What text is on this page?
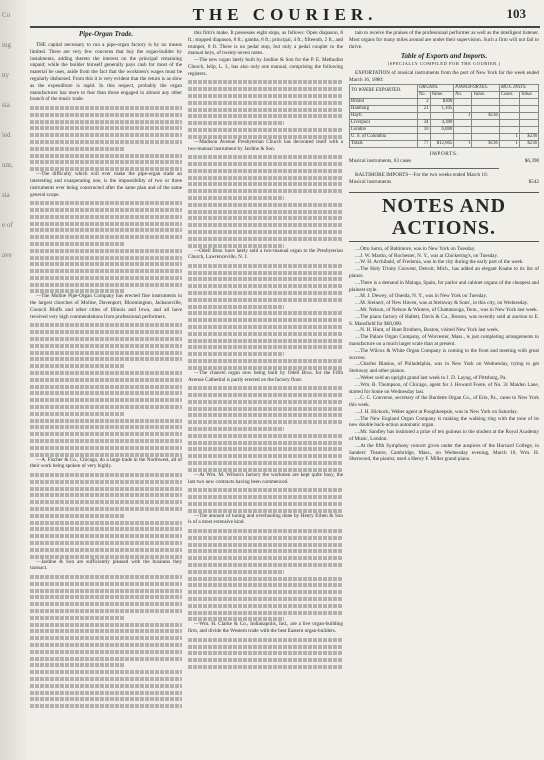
Co
ing
ny
sia
ied
um,
sia
e of
ave
THE COURIER.	103
Pipe-Organ Trade.

THE capital necessary to run a pipe-organ factory is by no means limited. There are very few concerns that buy the organ-builder by instalments, adding thereto the interest on the principal remaining unpaid; while the builder himself generally pays cash for most of the material he uses, aside from the fact that the workmen's wages must be regularly disbursed. From this it is very evident that the return is as slow as the expenditure is rapid. In this respect, probably the organ manufacturer has more to fear than those engaged in almost any other branch of the music trade.

—The difficulty which will ever make the pipe-organ trade an interesting and exasperating one, is the impossibility of two or three instruments ever being constructed after the same plan and of the same general scope.

—The Moline Pipe-Organ Company has erected fine instruments in the largest churches of Moline, Davenport, Bloomington, Jacksonville, Council Bluffs and other cities of Illinois and Iowa, and all have received very high commendations from professional performers.

—A. Fischer & Co., Chicago, do a large trade in the Northwest, all of their work being spoken of very highly.

—Jardine & Son are sufficiently pleased with the business they transact.

this firm's make. It possesses eight stops, as follows: Open diapason, 8 ft.; stopped diapason, 8 ft.; gamba, 8 ft.; principal, 4 ft.; fifteenth, 2 ft., and trumpet, 8 ft. There is no pedal stop, but only a pedal coupler to the manual keys, of twenty-seven notes.

—The new organ lately built by Jardine & Son for the P. E. Methodist Church, Islip, L. I., has also only one manual, comprising the following registers.

—Madison Avenue Presbyterian Church has decorated itself with a two-manual instrument by Jardine & Son.

—Odell Bros. have lately sold a two-manual organ to the Presbyterian Church, Lawrenceville, N. J.

—The chancel organ now being built by Odell Bros. for the Fifth Avenue Cathedral is partly erected on the factory floor.

—At Wm. M. Wilson's factory the workmen are kept quite busy, the last two new contracts having been commenced.

—The amount of tuning and overhauling done by Henry Erben & Son is of a most extensive kind.

—Wm. H. Clarke & Co., Indianapolis, Ind., are a live organ-building firm, and divide the Western trade with the best Eastern organ-builders.

tain to receive the praises of the professional performer as well as the intelligent listener. Most organs for many miles around are under their supervision. Such a firm will not fail to thrive.

Table of Exports and Imports.
[SPECIALLY COMPILED FOR THE COURIER.]

EXPORTATION of musical instruments from the port of New York for the week ended March 16, 1880:

TO WHERE EXPORTED.	ORGANS.		PIANOFORTES.		MUS. INSTS.	
	No.	Value.	No.	Value.	Cases.	Value.
Bristol	2	$300				
Hamburg	21	1,105				
Hayti			1	$136		
Liverpool	34	4,380				
London	10	6,880				
U. S. of Colombia					1	$236
Totals	77	$12,665	1	$136	1	$236
IMPORTS.
Musical instruments, 63 cases	$6,398

BALTIMORE IMPORTS—For the two weeks ended March 16:

Musical instruments	$542
NOTES AND ACTIONS.

....Otto Sutro, of Baltimore, was in New York on Tuesday.

....J. W. Martin, of Rochester, N. Y., was at Chickering's, on Tuesday.

....W. H. Archibald, of Fredonia, was in the city during the early part of the week.

....The Holy Trinity Convent, Detroit, Mich., has added an elegant Knabe to its list of pianos.

....There is a demand in Malaga, Spain, for parlor and cabinet organs of the cheapest and plainest style.

....M. J. Dewey, of Oneida, N. Y., was in New York on Tuesday.

....M. Steinert, of New Haven, was at Steinway & Sons', in this city, on Wednesday.

....Mr. Nelson, of Nelson & Winters, of Chattanooga, Tenn., was in New York last week.

....The piano factory of Hallett, Davis & Co., Boston, was recently sold at auction to E. S. Mansfield for $60,000.

....N. H. Hunt, of Hunt Brothers, Boston, visited New York last week.

....The Palace Organ Company, of Worcester, Mass., is just completing arrangements to manufacture on a much larger scale than at present.

....The Wilcox & White Organ Company is coming to the front and meeting with great success.

....Charles Blasius, of Philadelphia, was in New York on Wednesday, trying to get Steinway and other pianos.

....Weber sold an upright grand last week to J. D. Layng, of Pittsburg, Pa.

....Wm. B. Thompson, of Chicago, agent for J. Howard Foote, of No. 31 Maiden Lane, started for home on Wednesday last.

....C. C. Converse, secretary of the Burdette Organ Co., of Erie, Pa., came to New York this week.

....J. H. Hickock, Weber agent at Poughkeepsie, was in New York on Saturday.

....The New England Organ Company is making the walking ring with the tone of its new double back-action automatic organ.

....Mr. Sandley has instituted a prize of ten guineas to the student at the Royal Academy of Music, London.

....At the fifth Symphony concert given under the auspices of the Harvard College, in Sanders' Theatre, Cambridge, Mass., on Wednesday evening, March 10, Wm. H. Sherwood, the pianist, used a Henry F. Miller grand piano.
